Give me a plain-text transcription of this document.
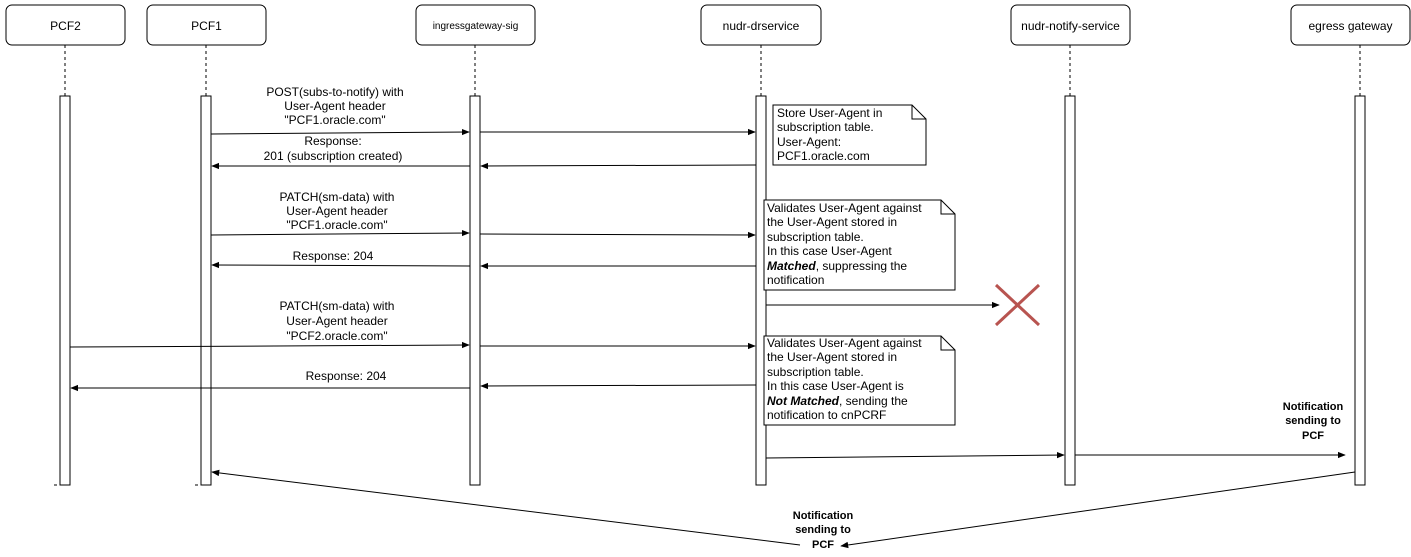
PCF2	PCF1	ingressgateway-sig	nudr-drservice	nudr-notify-service	egress gateway
POST(subs-to-notify) with
User-Agent header
"PCF1.oracle.com"
Response:
201 (subscription created)
PATCH(sm-data) with
User-Agent header
"PCF1.oracle.com"
Response: 204
PATCH(sm-data) with
User-Agent header
"PCF2.oracle.com"
Response: 204
Notification
sending to
PCF
Notification
sending to
PCF
Store User-Agent in
subscription table.
User-Agent:
PCF1.oracle.com
Validates User-Agent against
the User-Agent stored in
subscription table.
In this case User-Agent
Matched, suppressing the
notification
Validates User-Agent against
the User-Agent stored in
subscription table.
In this case User-Agent is
Not Matched, sending the
notification to cnPCRF
